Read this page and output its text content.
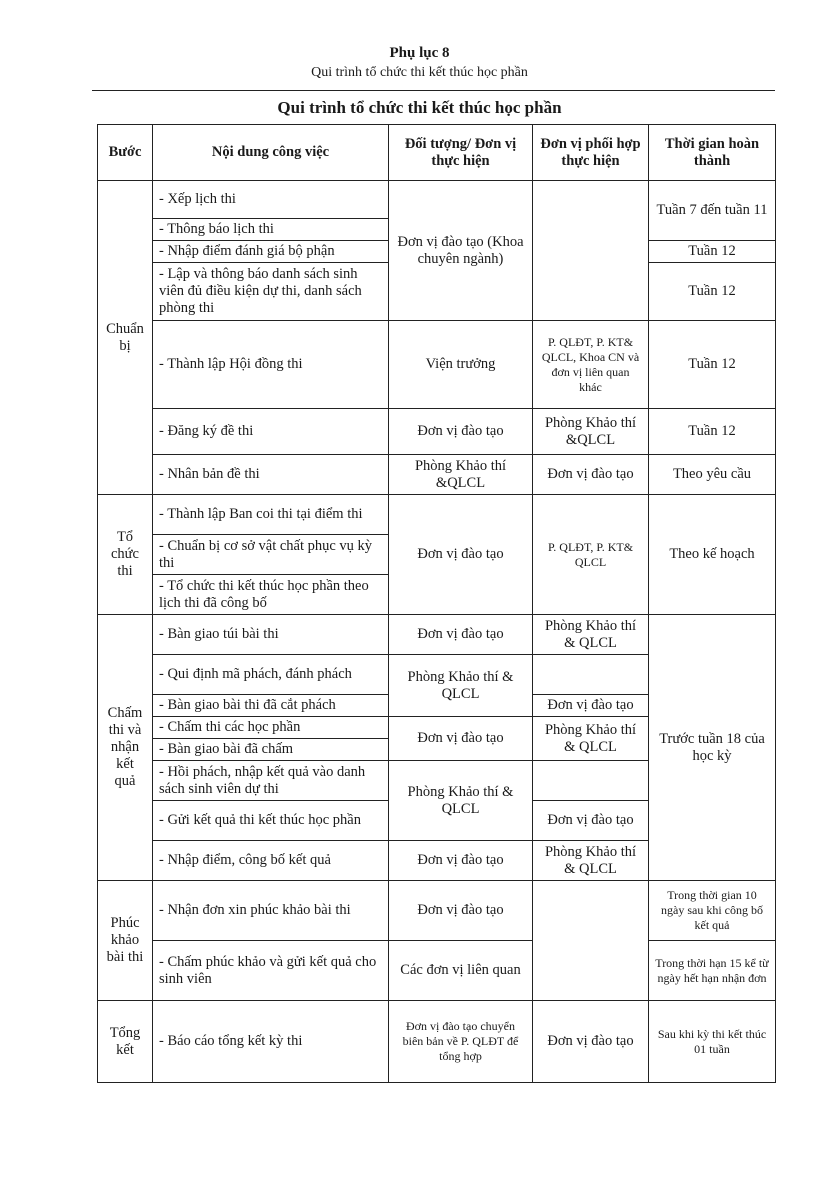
Phụ lục 8
Qui trình tổ chức thi kết thúc học phần
Qui trình tổ chức thi kết thúc học phần
Bước	Nội dung công việc	Đối tượng/ Đơn vị thực hiện	Đơn vị phối hợp thực hiện	Thời gian hoàn thành
Chuẩn bị	- Xếp lịch thi	Đơn vị đào tạo (Khoa chuyên ngành)		Tuần 7 đến tuần 11
	- Thông báo lịch thi			
	- Nhập điểm đánh giá bộ phận			Tuần 12
	- Lập và thông báo danh sách sinh viên đủ điều kiện dự thi, danh sách phòng thi			Tuần 12
	- Thành lập Hội đồng thi	Viện trưởng	P. QLĐT, P. KT& QLCL, Khoa CN và đơn vị liên quan khác	Tuần 12
	- Đăng ký đề thi	Đơn vị đào tạo	Phòng Khảo thí &QLCL	Tuần 12
	- Nhân bản đề thi	Phòng Khảo thí &QLCL	Đơn vị đào tạo	Theo yêu cầu

Tổ chức thi	- Thành lập Ban coi thi tại điểm thi	Đơn vị đào tạo	P. QLĐT, P. KT& QLCL	Theo kế hoạch
	- Chuẩn bị cơ sở vật chất phục vụ kỳ thi			
	- Tổ chức thi kết thúc học phần theo lịch thi đã công bố			
Chấm thi và nhận kết quả	- Bàn giao túi bài thi	Đơn vị đào tạo	Phòng Khảo thí & QLCL	Trước tuần 18 của học kỳ
	- Qui định mã phách, đánh phách	Phòng Khảo thí & QLCL		
	- Bàn giao bài thi đã cắt phách		Đơn vị đào tạo	
	- Chấm thi các học phần	Đơn vị đào tạo	Phòng Khảo thí & QLCL	
	- Bàn giao bài đã chấm			
	- Hồi phách, nhập kết quả vào danh sách sinh viên dự thi	Phòng Khảo thí & QLCL		
	- Gửi kết quả thi kết thúc học phần		Đơn vị đào tạo	
	- Nhập điểm, công bố kết quả	Đơn vị đào tạo	Phòng Khảo thí & QLCL	
Phúc khảo bài thi	- Nhận đơn xin phúc khảo bài thi	Đơn vị đào tạo		Trong thời gian 10 ngày sau khi công bố kết quả
	- Chấm phúc khảo và gửi kết quả cho sinh viên	Các đơn vị liên quan		Trong thời hạn 15 kể từ ngày hết hạn nhận đơn
Tổng kết	- Báo cáo tổng kết kỳ thi	Đơn vị đào tạo chuyển biên bản về P. QLĐT để tổng hợp	Đơn vị đào tạo	Sau khi kỳ thi kết thúc 01 tuần
